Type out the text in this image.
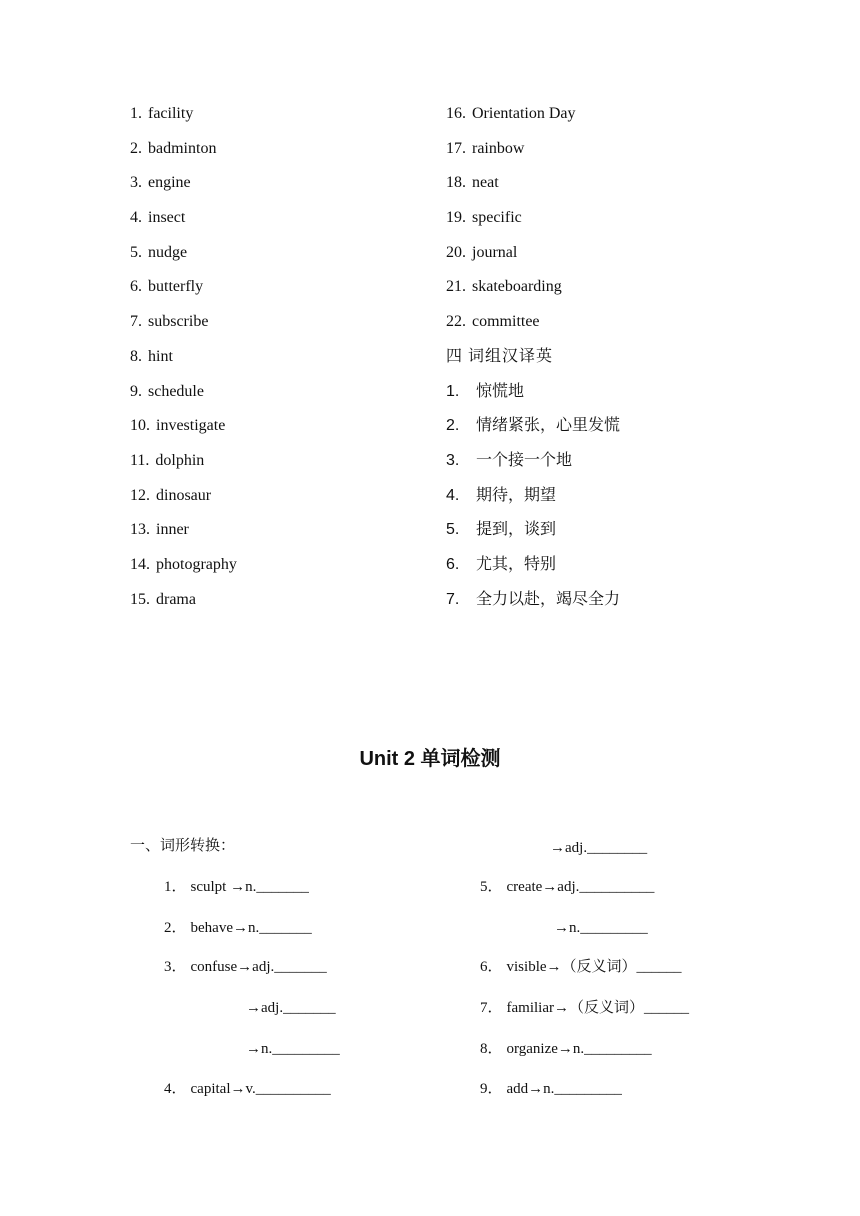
1. facility
2. badminton
3. engine
4. insect
5. nudge
6. butterfly
7. subscribe
8. hint
9. schedule
10. investigate
11. dolphin
12. dinosaur
13. inner
14. photography
15. drama
16. Orientation Day
17. rainbow
18. neat
19. specific
20. journal
21. skateboarding
22. committee
四 词组汉译英
1. 惊慌地
2. 情绪紧张，心里发慌
3. 一个接一个地
4. 期待，期望
5. 提到，谈到
6. 尤其，特别
7. 全力以赴，竭尽全力
Unit 2 单词检测
一、词形转换：	→adj.________
1． sculpt →n._______	5． create→adj.__________
2． behave→n._______	→n._________
3． confuse→adj._______	6． visible→（反义词）______
→adj._______	7． familiar→（反义词）______
→n._________	8． organize→n._________
4． capital→v.__________	9． add→n._________
